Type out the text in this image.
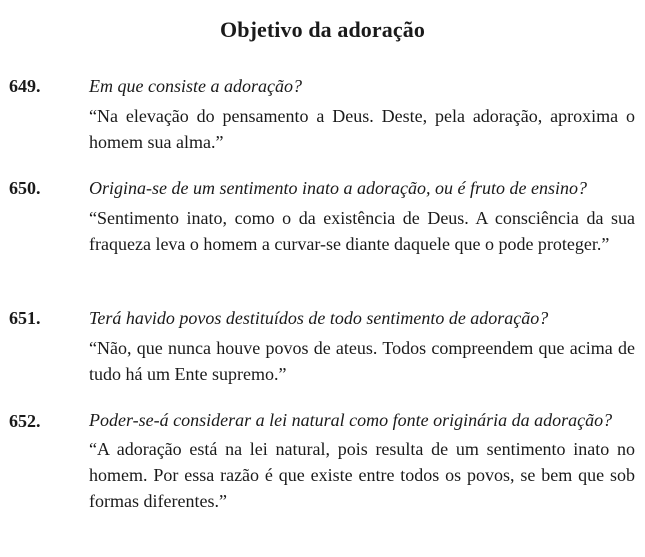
Objetivo da adoração
649.	Em que consiste a adoração?
“Na elevação do pensamento a Deus. Deste, pela adoração, aproxima o homem sua alma.”
650.	Origina-se de um sentimento inato a adoração, ou é fruto de ensino?
“Sentimento inato, como o da existência de Deus. A consciência da sua fraqueza leva o homem a curvar-se diante daquele que o pode proteger.”
651.	Terá havido povos destituídos de todo sentimento de adoração?
“Não, que nunca houve povos de ateus. Todos compreendem que acima de tudo há um Ente supremo.”
652.	Poder-se-á considerar a lei natural como fonte originária da adoração?
“A adoração está na lei natural, pois resulta de um sentimento inato no homem. Por essa razão é que existe entre todos os povos, se bem que sob formas diferentes.”
